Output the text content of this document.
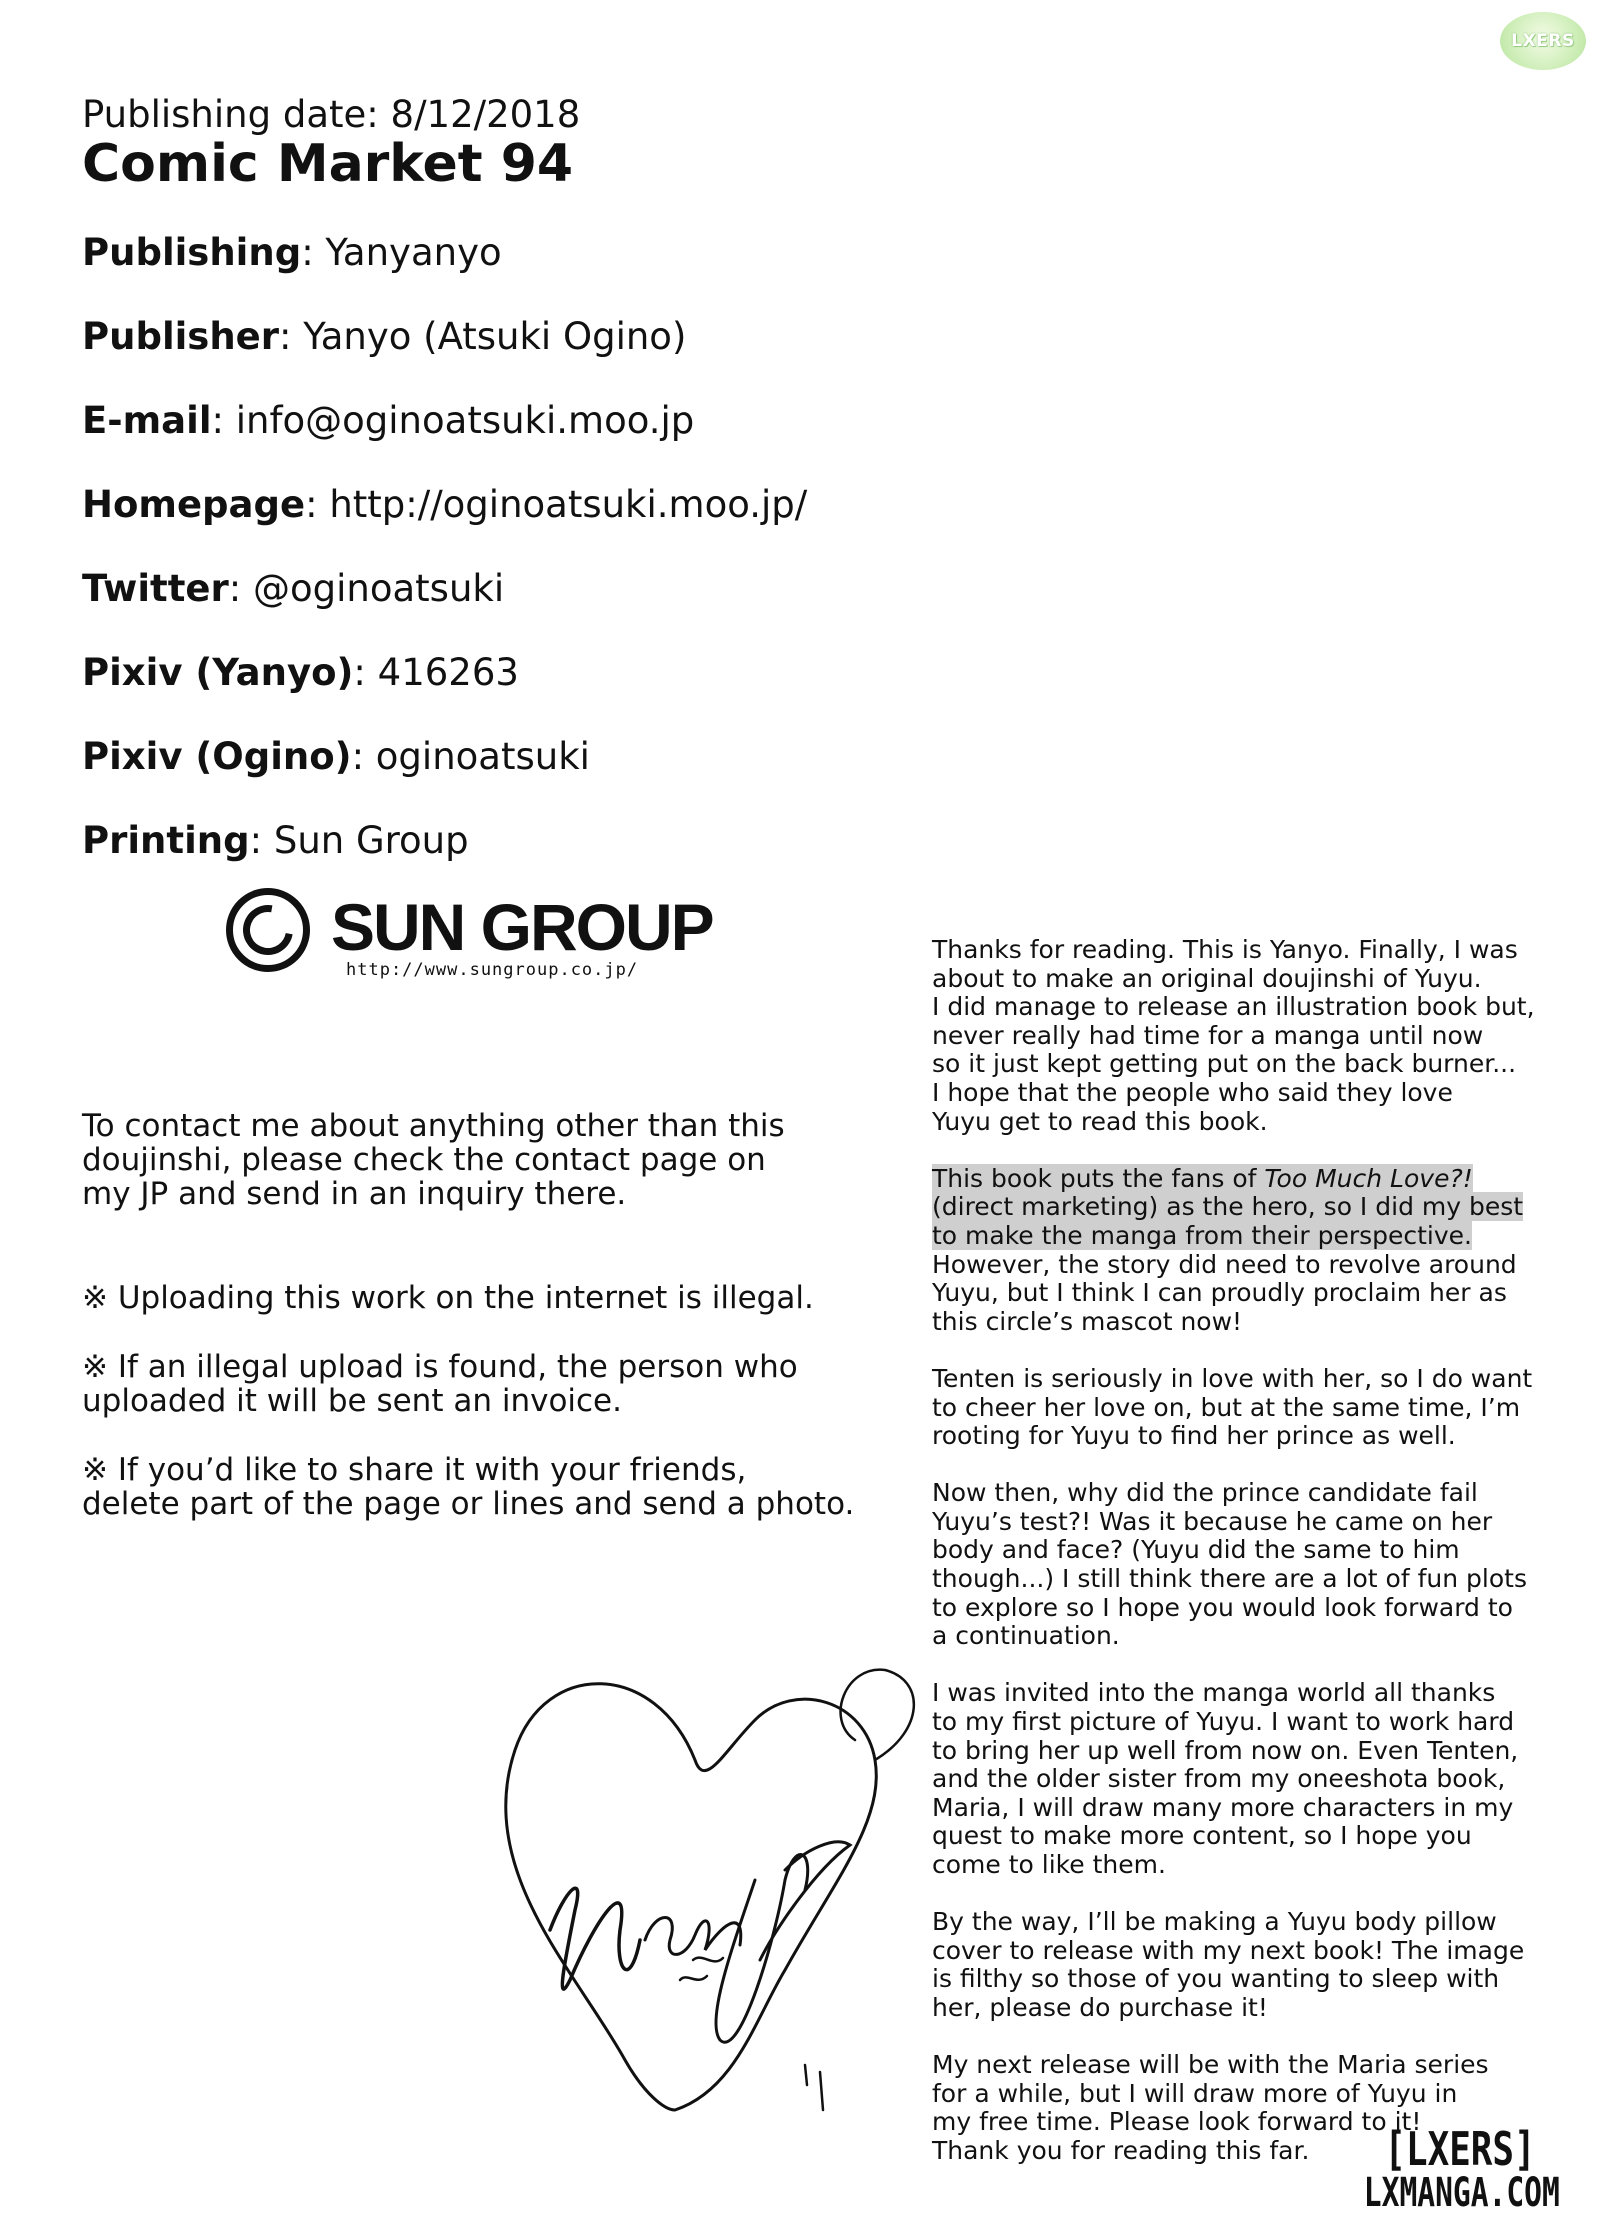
LXERS
Publishing date: 8/12/2018
Comic Market 94
Publishing: Yanyanyo
Publisher: Yanyo (Atsuki Ogino)
E-mail: info@oginoatsuki.moo.jp
Homepage: http://oginoatsuki.moo.jp/
Twitter: @oginoatsuki
Pixiv (Yanyo): 416263
Pixiv (Ogino): oginoatsuki
Printing: Sun Group
SUN GROUP
http://www.sungroup.co.jp/

To contact me about anything other than this

doujinshi, please check the contact page on

my JP and send in an inquiry there.

※ Uploading this work on the internet is illegal.

※ If an illegal upload is found, the person who

uploaded it will be sent an invoice.

※ If you’d like to share it with your friends,

delete part of the page or lines and send a photo.

Thanks for reading. This is Yanyo. Finally, I was
about to make an original doujinshi of Yuyu.
I did manage to release an illustration book but,
never really had time for a manga until now
so it just kept getting put on the back burner...
I hope that the people who said they love
Yuyu get to read this book.

This book puts the fans of Too Much Love?!
(direct marketing) as the hero, so I did my best
to make the manga from their perspective.
However, the story did need to revolve around
Yuyu, but I think I can proudly proclaim her as
this circle’s mascot now!

Tenten is seriously in love with her, so I do want
to cheer her love on, but at the same time, I’m
rooting for Yuyu to find her prince as well.

Now then, why did the prince candidate fail
Yuyu’s test?! Was it because he came on her
body and face? (Yuyu did the same to him
though...) I still think there are a lot of fun plots
to explore so I hope you would look forward to
a continuation.

I was invited into the manga world all thanks
to my first picture of Yuyu. I want to work hard
to bring her up well from now on. Even Tenten,
and the older sister from my oneeshota book,
Maria, I will draw many more characters in my
quest to make more content, so I hope you
come to like them.

By the way, I’ll be making a Yuyu body pillow
cover to release with my next book! The image
is filthy so those of you wanting to sleep with
her, please do purchase it!

My next release will be with the Maria series
for a while, but I will draw more of Yuyu in
my free time. Please look forward to it!
Thank you for reading this far.	[LXERS]
LXMANGA.COM
